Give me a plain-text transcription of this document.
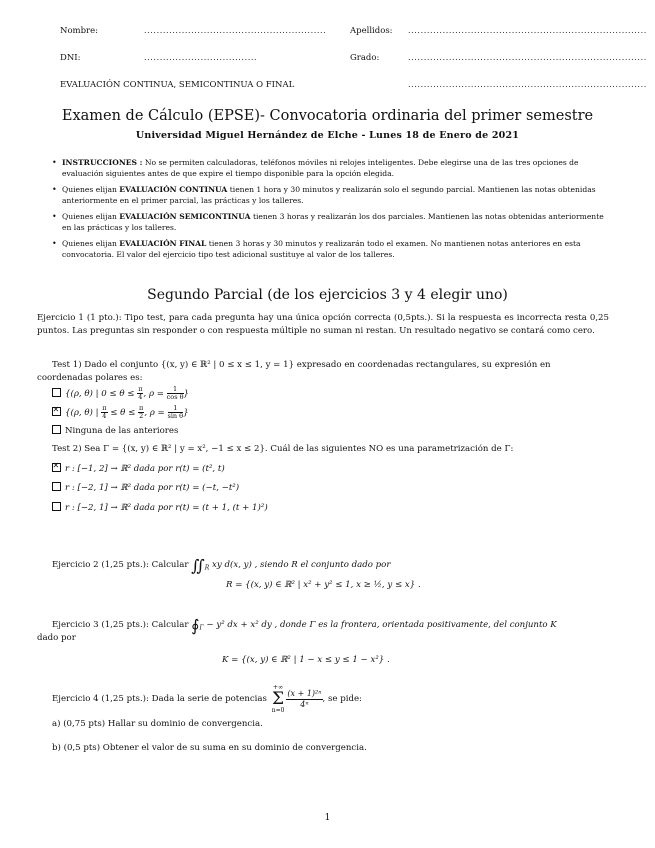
Nombre:	..........................................................	Apellidos: ............................................................................
DNI:	....................................	Grado:	............................................................................
EVALUACIÓN CONTINUA, SEMICONTINUA O FINAL	............................................................................
Examen de Cálculo (EPSE)- Convocatoria ordinaria del primer semestre
Universidad Miguel Hernández de Elche - Lunes 18 de Enero de 2021
• INSTRUCCIONES : No se permiten calculadoras, teléfonos móviles ni relojes inteligentes. Debe elegirse una de las tres opciones de evaluación siguientes antes de que expire el tiempo disponible para la opción elegida.
• Quienes elijan EVALUACIÓN CONTINUA tienen 1 hora y 30 minutos y realizarán solo el segundo parcial. Mantienen las notas obtenidas anteriormente en el primer parcial, las prácticas y los talleres.
• Quienes elijan EVALUACIÓN SEMICONTINUA tienen 3 horas y realizarán los dos parciales. Mantienen las notas obtenidas anteriormente en las prácticas y los talleres.
• Quienes elijan EVALUACIÓN FINAL tienen 3 horas y 30 minutos y realizarán todo el examen. No mantienen notas anteriores en esta convocatoria. El valor del ejercicio tipo test adicional sustituye al valor de los talleres.
Segundo Parcial (de los ejercicios 3 y 4 elegir uno)
Ejercicio 1 (1 pto.): Tipo test, para cada pregunta hay una única opción correcta (0,5pts.). Si la respuesta es incorrecta resta 0,25 puntos. Las preguntas sin responder o con respuesta múltiple no suman ni restan. Un resultado negativo se contará como cero.
Test 1) Dado el conjunto {(x, y) ∈ ℝ² | 0 ≤ x ≤ 1, y = 1} expresado en coordenadas rectangulares, su expresión en
coordenadas polares es:
{(ρ, θ) | $0 \le \theta \le \frac{\pi}{4}$ , $\rho = \frac{1}{\text{cos θ}}$ }
✕{(ρ, θ) | $\frac{\pi}{4} \le \theta \le \frac{\pi}{2}$ , $\rho = \frac{1}{\text{sin θ}}$ }
Ninguna de las anteriores
Test 2) Sea Γ = {(x, y) ∈ ℝ² | y = x², −1 ≤ x ≤ 2}. Cuál de las siguientes NO es una parametrización de Γ:
✕r : [−1, 2] → ℝ² dada por r(t) = (t², t)
r : [−2, 1] → ℝ² dada por r(t) = (−t, −t²)
r : [−2, 1] → ℝ² dada por r(t) = (t + 1, (t + 1)²)
Ejercicio 2 (1,25 pts.): Calcular $∬_R$ xy d(x, y) , siendo R el conjunto dado por
R = {(x, y) ∈ ℝ² | x² + y² ≤ 1, x ≥ ½, y ≤ x} .
Ejercicio 3 (1,25 pts.): Calcular $∮_\Gamma - y^2$ dx + x² dy , donde Γ es la frontera, orientada positivamente, del conjunto K
dado por
K = {(x, y) ∈ ℝ² | 1 − x ≤ y ≤ 1 − x²} .
Ejercicio 4 (1,25 pts.): Dada la serie de potencias
+∞
Σ
n=0
$\frac{\text{(x + 1)²ⁿ}}{\text{4ⁿ}}$ , se pide:
a) (0,75 pts) Hallar su dominio de convergencia.
b) (0,5 pts) Obtener el valor de su suma en su dominio de convergencia.
1
